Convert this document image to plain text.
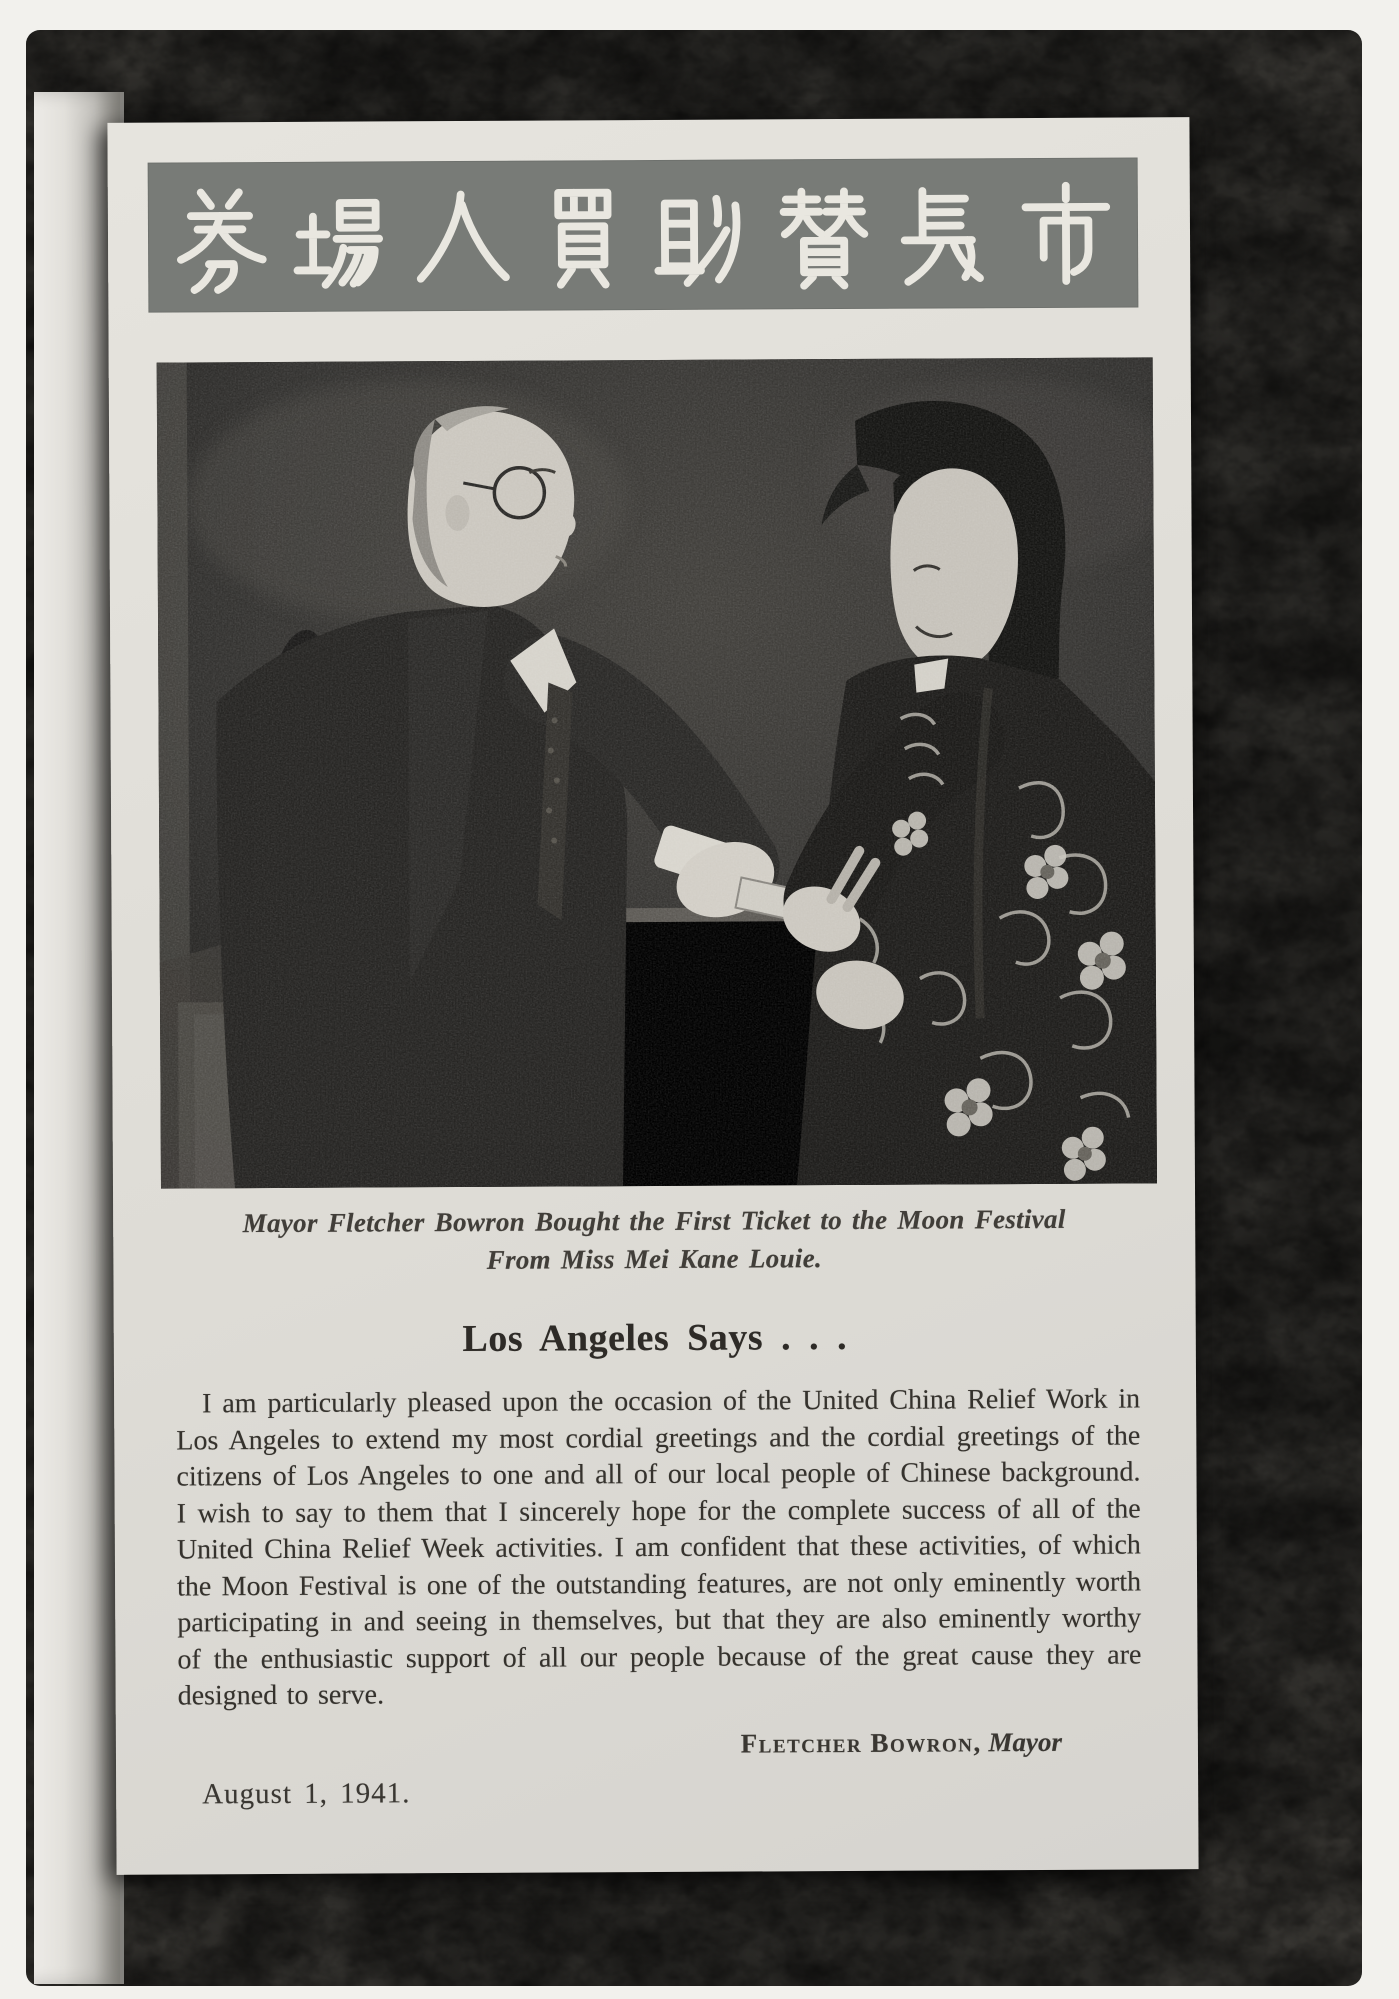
Mayor Fletcher Bowron Bought the First Ticket to the Moon Festival
From Miss Mei Kane Louie.
Los Angeles Says . . .

I am particularly pleased upon the occasion of the United China Relief Work in Los Angeles to extend my most cordial greetings and the cordial greetings of the citizens of Los Angeles to one and all of our local people of Chinese background. I wish to say to them that I sincerely hope for the complete success of all of the United China Relief Week activities. I am confident that these activities, of which the Moon Festival is one of the outstanding features, are not only eminently worth participating in and seeing in themselves, but that they are also eminently worthy of the enthusiastic support of all our people because of the great cause they are designed to serve.

Fletcher Bowron, Mayor
August 1, 1941.
